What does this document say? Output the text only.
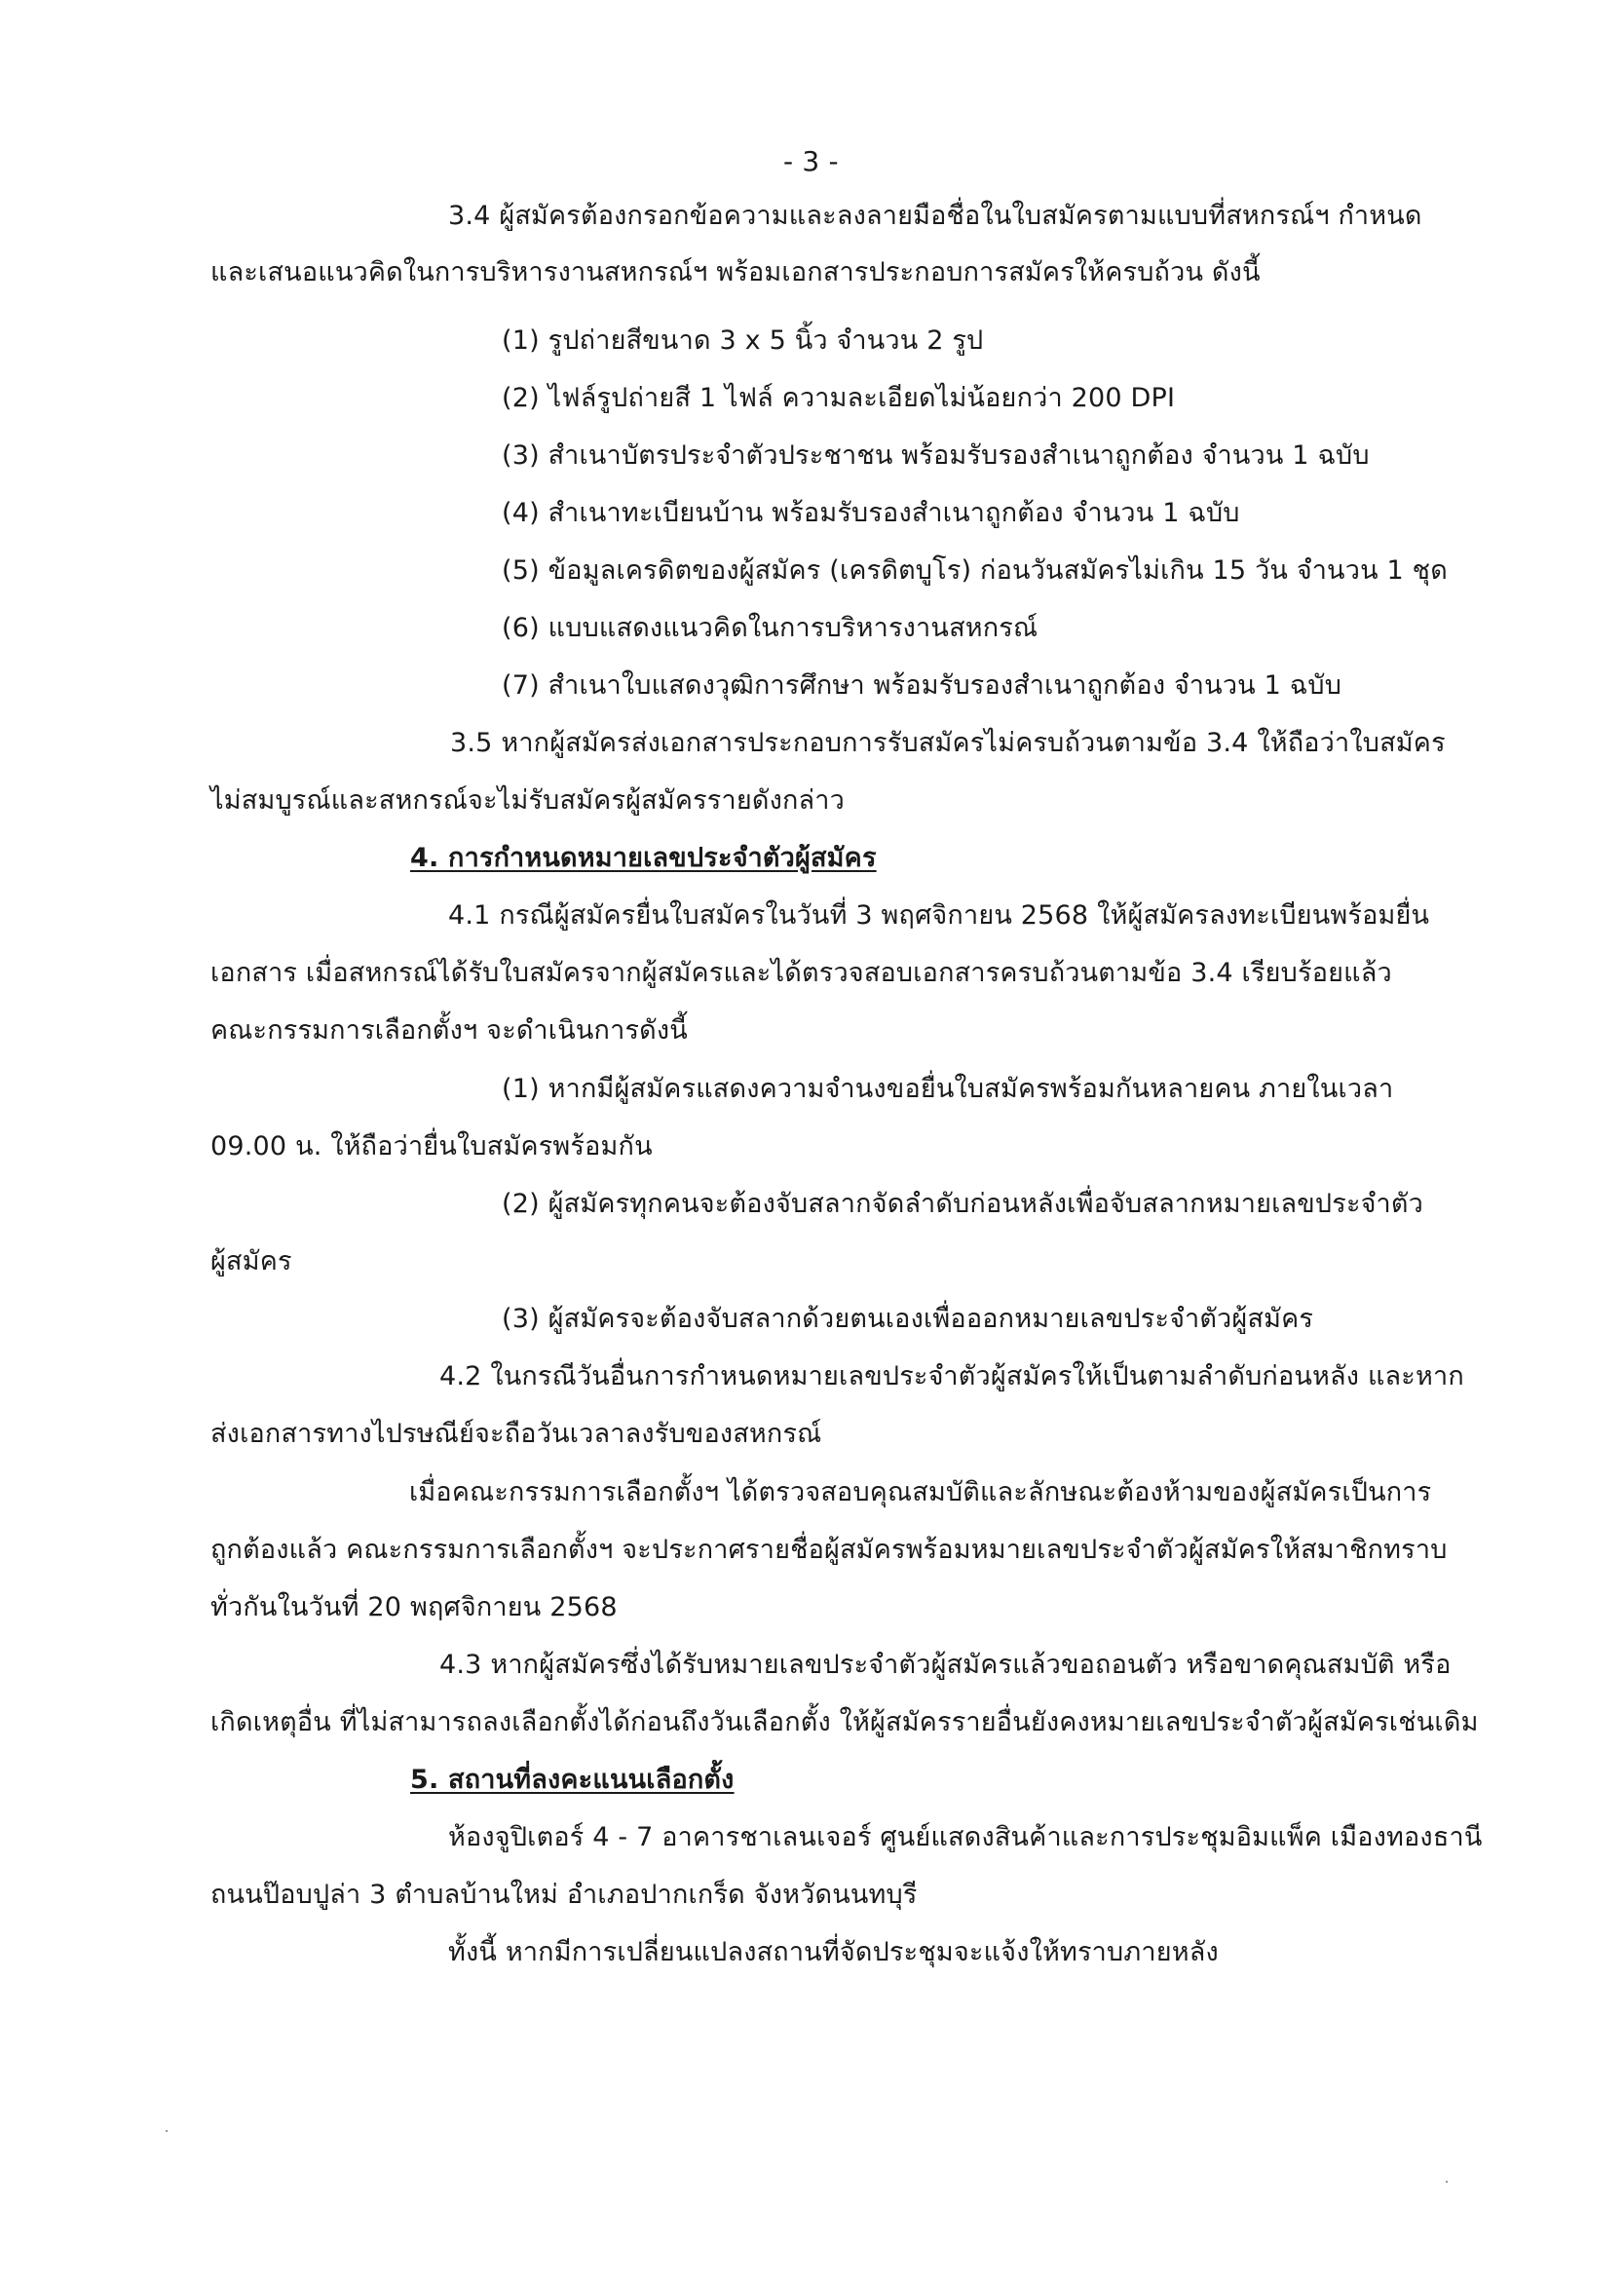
- 3 -
3.4 ผู้สมัครต้องกรอกข้อความและลงลายมือชื่อในใบสมัครตามแบบที่สหกรณ์ฯ กำหนด
และเสนอแนวคิดในการบริหารงานสหกรณ์ฯ พร้อมเอกสารประกอบการสมัครให้ครบถ้วน ดังนี้
(1) รูปถ่ายสีขนาด 3 x 5 นิ้ว จำนวน 2 รูป
(2) ไฟล์รูปถ่ายสี 1 ไฟล์ ความละเอียดไม่น้อยกว่า 200 DPI
(3) สำเนาบัตรประจำตัวประชาชน พร้อมรับรองสำเนาถูกต้อง จำนวน 1 ฉบับ
(4) สำเนาทะเบียนบ้าน พร้อมรับรองสำเนาถูกต้อง จำนวน 1 ฉบับ
(5) ข้อมูลเครดิตของผู้สมัคร (เครดิตบูโร) ก่อนวันสมัครไม่เกิน 15 วัน จำนวน 1 ชุด
(6) แบบแสดงแนวคิดในการบริหารงานสหกรณ์
(7) สำเนาใบแสดงวุฒิการศึกษา พร้อมรับรองสำเนาถูกต้อง จำนวน 1 ฉบับ
3.5 หากผู้สมัครส่งเอกสารประกอบการรับสมัครไม่ครบถ้วนตามข้อ 3.4 ให้ถือว่าใบสมัคร
ไม่สมบูรณ์และสหกรณ์จะไม่รับสมัครผู้สมัครรายดังกล่าว
4. การกำหนดหมายเลขประจำตัวผู้สมัคร
4.1 กรณีผู้สมัครยื่นใบสมัครในวันที่ 3 พฤศจิกายน 2568 ให้ผู้สมัครลงทะเบียนพร้อมยื่น
เอกสาร เมื่อสหกรณ์ได้รับใบสมัครจากผู้สมัครและได้ตรวจสอบเอกสารครบถ้วนตามข้อ 3.4 เรียบร้อยแล้ว
คณะกรรมการเลือกตั้งฯ จะดำเนินการดังนี้
(1) หากมีผู้สมัครแสดงความจำนงขอยื่นใบสมัครพร้อมกันหลายคน ภายในเวลา
09.00 น. ให้ถือว่ายื่นใบสมัครพร้อมกัน
(2) ผู้สมัครทุกคนจะต้องจับสลากจัดลำดับก่อนหลังเพื่อจับสลากหมายเลขประจำตัว
ผู้สมัคร
(3) ผู้สมัครจะต้องจับสลากด้วยตนเองเพื่อออกหมายเลขประจำตัวผู้สมัคร
4.2 ในกรณีวันอื่นการกำหนดหมายเลขประจำตัวผู้สมัครให้เป็นตามลำดับก่อนหลัง และหาก
ส่งเอกสารทางไปรษณีย์จะถือวันเวลาลงรับของสหกรณ์
เมื่อคณะกรรมการเลือกตั้งฯ ได้ตรวจสอบคุณสมบัติและลักษณะต้องห้ามของผู้สมัครเป็นการ
ถูกต้องแล้ว คณะกรรมการเลือกตั้งฯ จะประกาศรายชื่อผู้สมัครพร้อมหมายเลขประจำตัวผู้สมัครให้สมาชิกทราบ
ทั่วกันในวันที่ 20 พฤศจิกายน 2568
4.3 หากผู้สมัครซึ่งได้รับหมายเลขประจำตัวผู้สมัครแล้วขอถอนตัว หรือขาดคุณสมบัติ หรือ
เกิดเหตุอื่น ที่ไม่สามารถลงเลือกตั้งได้ก่อนถึงวันเลือกตั้ง ให้ผู้สมัครรายอื่นยังคงหมายเลขประจำตัวผู้สมัครเช่นเดิม
5. สถานที่ลงคะแนนเลือกตั้ง
ห้องจูปิเตอร์ 4 - 7 อาคารชาเลนเจอร์ ศูนย์แสดงสินค้าและการประชุมอิมแพ็ค เมืองทองธานี
ถนนป๊อบปูล่า 3 ตำบลบ้านใหม่ อำเภอปากเกร็ด จังหวัดนนทบุรี
ทั้งนี้ หากมีการเปลี่ยนแปลงสถานที่จัดประชุมจะแจ้งให้ทราบภายหลัง
